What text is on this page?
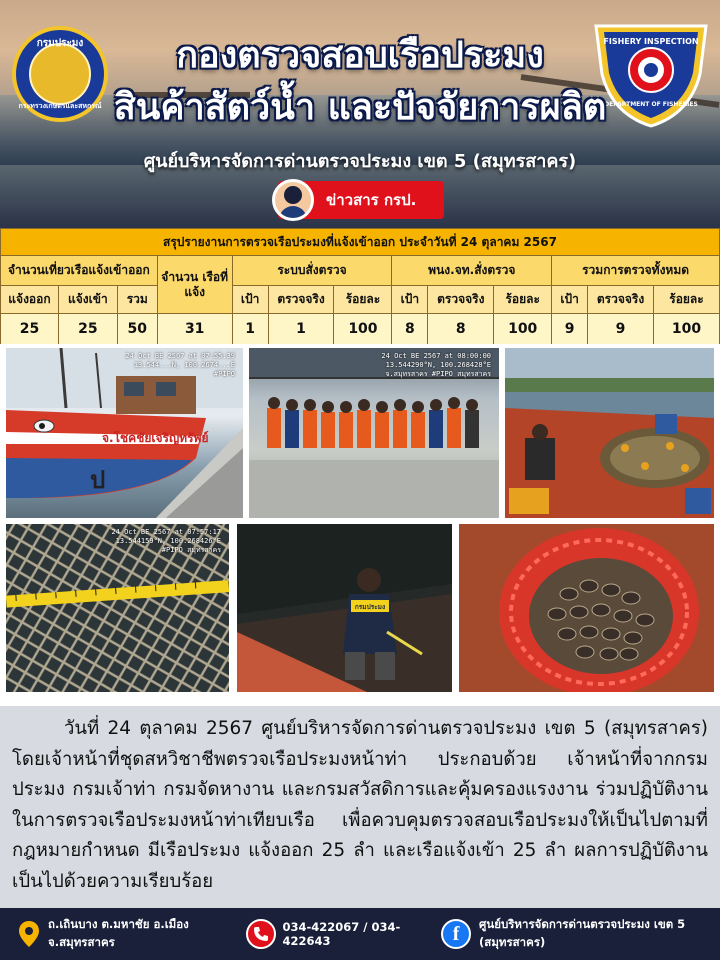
กรมประมง
กระทรวงเกษตรและสหกรณ์
FISHERY INSPECTION
DEPARTMENT OF FISHERIES
กองตรวจสอบเรือประมง
สินค้าสัตว์น้ำ และปัจจัยการผลิต
ศูนย์บริหารจัดการด่านตรวจประมง เขต 5 (สมุทรสาคร)
ข่าวสาร กรป.
สรุปรายงานการตรวจเรือประมงที่แจ้งเข้าออก ประจำวันที่ 24 ตุลาคม 2567												
จำนวนเที่ยวเรือแจ้งเข้าออก			จำนวน เรือที่แจ้ง	ระบบสั่งตรวจ			พนง.จท.สั่งตรวจ			รวมการตรวจทั้งหมด		
แจ้งออก	แจ้งเข้า	รวม		เป้า	ตรวจจริง	ร้อยละ	เป้า	ตรวจจริง	ร้อยละ	เป้า	ตรวจจริง	ร้อยละ
25	25	50	31	1	1	100	8	8	100	9	9	100
จ.โชคชัยเจริญทรัพย์
ป
24 Oct BE 2567 at 07:55:39
13.544...N, 100.2674...E
#PIPO
24 Oct BE 2567 at 08:00:00
13.544290°N, 100.268428°E
จ.สมุทรสาคร #PIPO สมุทรสาคร
24 Oct BE 2567 at 07:57:17
13.544159°N, 100.268426°E
#PIPO สมุทรสาคร
กรมประมง
วันที่ 24 ตุลาคม 2567 ศูนย์บริหารจัดการด่านตรวจประมง เขต 5 (สมุทรสาคร) โดยเจ้าหน้าที่ชุดสหวิชาชีพตรวจเรือประมงหน้าท่า ประกอบด้วย เจ้าหน้าที่จากกรมประมง กรมเจ้าท่า กรมจัดหางาน และกรมสวัสดิการและคุ้มครองแรงงาน ร่วมปฏิบัติงานในการตรวจเรือประมงหน้าท่าเทียบเรือ เพื่อควบคุมตรวจสอบเรือประมงให้เป็นไปตามที่กฎหมายกำหนด มีเรือประมง แจ้งออก 25 ลำ และเรือแจ้งเข้า 25 ลำ ผลการปฏิบัติงานเป็นไปด้วยความเรียบร้อย
ถ.เถินบาง ต.มหาชัย อ.เมือง จ.สมุทรสาคร
034-422067 / 034-422643	f	ศูนย์บริหารจัดการด่านตรวจประมง เขต 5 (สมุทรสาคร)
